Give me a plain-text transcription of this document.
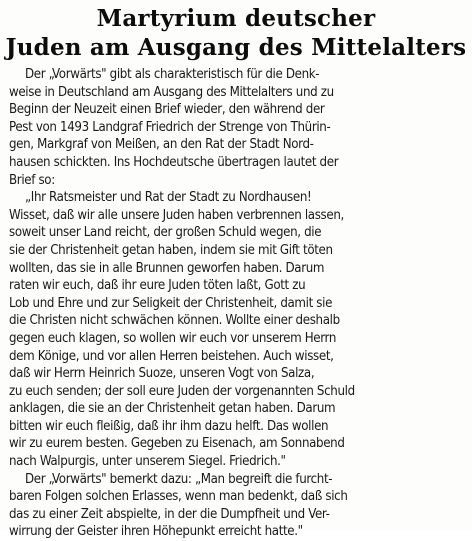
Martyrium deutscher
Juden am Ausgang des Mittelalters
Der „Vorwärts" gibt als charakteristisch für die Denk-
weise in Deutschland am Ausgang des Mittelalters und zu
Beginn der Neuzeit einen Brief wieder, den während der
Pest von 1493 Landgraf Friedrich der Strenge von Thürin-
gen, Markgraf von Meißen, an den Rat der Stadt Nord-
hausen schickten. Ins Hochdeutsche übertragen lautet der
Brief so:
„Ihr Ratsmeister und Rat der Stadt zu Nordhausen!
Wisset, daß wir alle unsere Juden haben verbrennen lassen,
soweit unser Land reicht, der großen Schuld wegen, die
sie der Christenheit getan haben, indem sie mit Gift töten
wollten, das sie in alle Brunnen geworfen haben. Darum
raten wir euch, daß ihr eure Juden töten laßt, Gott zu
Lob und Ehre und zur Seligkeit der Christenheit, damit sie
die Christen nicht schwächen können. Wollte einer deshalb
gegen euch klagen, so wollen wir euch vor unserem Herrn
dem Könige, und vor allen Herren beistehen. Auch wisset,
daß wir Herrn Heinrich Suoze, unseren Vogt von Salza,
zu euch senden; der soll eure Juden der vorgenannten Schuld
anklagen, die sie an der Christenheit getan haben. Darum
bitten wir euch fleißig, daß ihr ihm dazu helft. Das wollen
wir zu eurem besten. Gegeben zu Eisenach, am Sonnabend
nach Walpurgis, unter unserem Siegel. Friedrich."
Der „Vorwärts" bemerkt dazu: „Man begreift die furcht-
baren Folgen solchen Erlasses, wenn man bedenkt, daß sich
das zu einer Zeit abspielte, in der die Dumpfheit und Ver-
wirrung der Geister ihren Höhepunkt erreicht hatte."
